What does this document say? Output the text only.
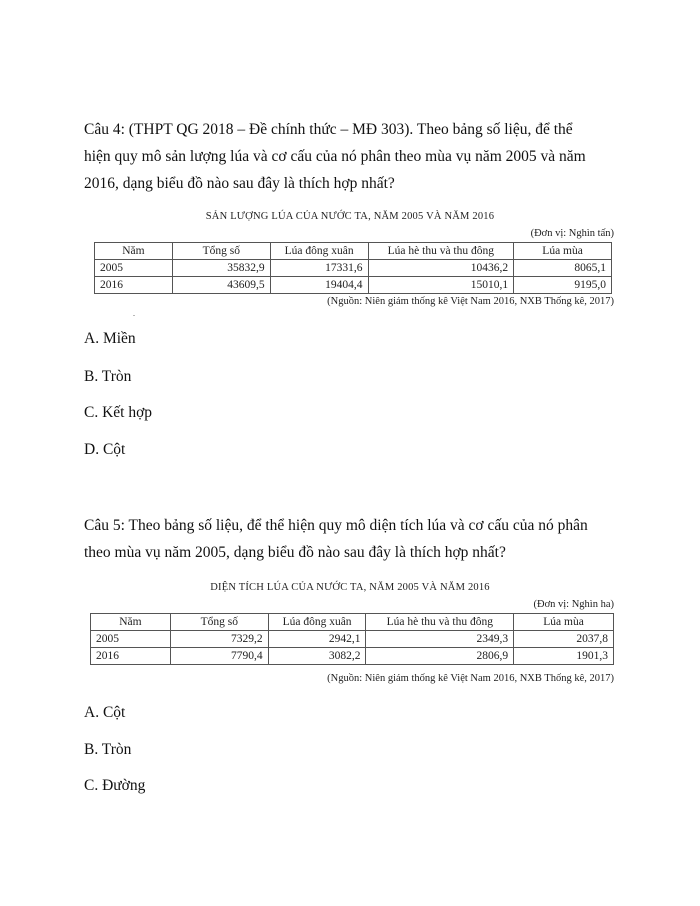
Câu 4: (THPT QG 2018 – Đề chính thức – MĐ 303). Theo bảng số liệu, để thể
hiện quy mô sản lượng lúa và cơ cấu của nó phân theo mùa vụ năm 2005 và năm
2016, dạng biểu đồ nào sau đây là thích hợp nhất?

SẢN LƯỢNG LÚA CỦA NƯỚC TA, NĂM 2005 VÀ NĂM 2016
(Đơn vị: Nghìn tấn)
Năm	Tổng số	Lúa đông xuân	Lúa hè thu và thu đông	Lúa mùa
2005	35832,9	17331,6	10436,2	8065,1
2016	43609,5	19404,4	15010,1	9195,0
(Nguồn: Niên giám thống kê Việt Nam 2016, NXB Thống kê, 2017)
.

A. Miền

B. Tròn

C. Kết hợp

D. Cột

Câu 5: Theo bảng số liệu, để thể hiện quy mô diện tích lúa và cơ cấu của nó phân
theo mùa vụ năm 2005, dạng biểu đồ nào sau đây là thích hợp nhất?

DIỆN TÍCH LÚA CỦA NƯỚC TA, NĂM 2005 VÀ NĂM 2016
(Đơn vị: Nghìn ha)
Năm	Tổng số	Lúa đông xuân	Lúa hè thu và thu đông	Lúa mùa
2005	7329,2	2942,1	2349,3	2037,8
2016	7790,4	3082,2	2806,9	1901,3
(Nguồn: Niên giám thống kê Việt Nam 2016, NXB Thống kê, 2017)

A. Cột

B. Tròn

C. Đường
